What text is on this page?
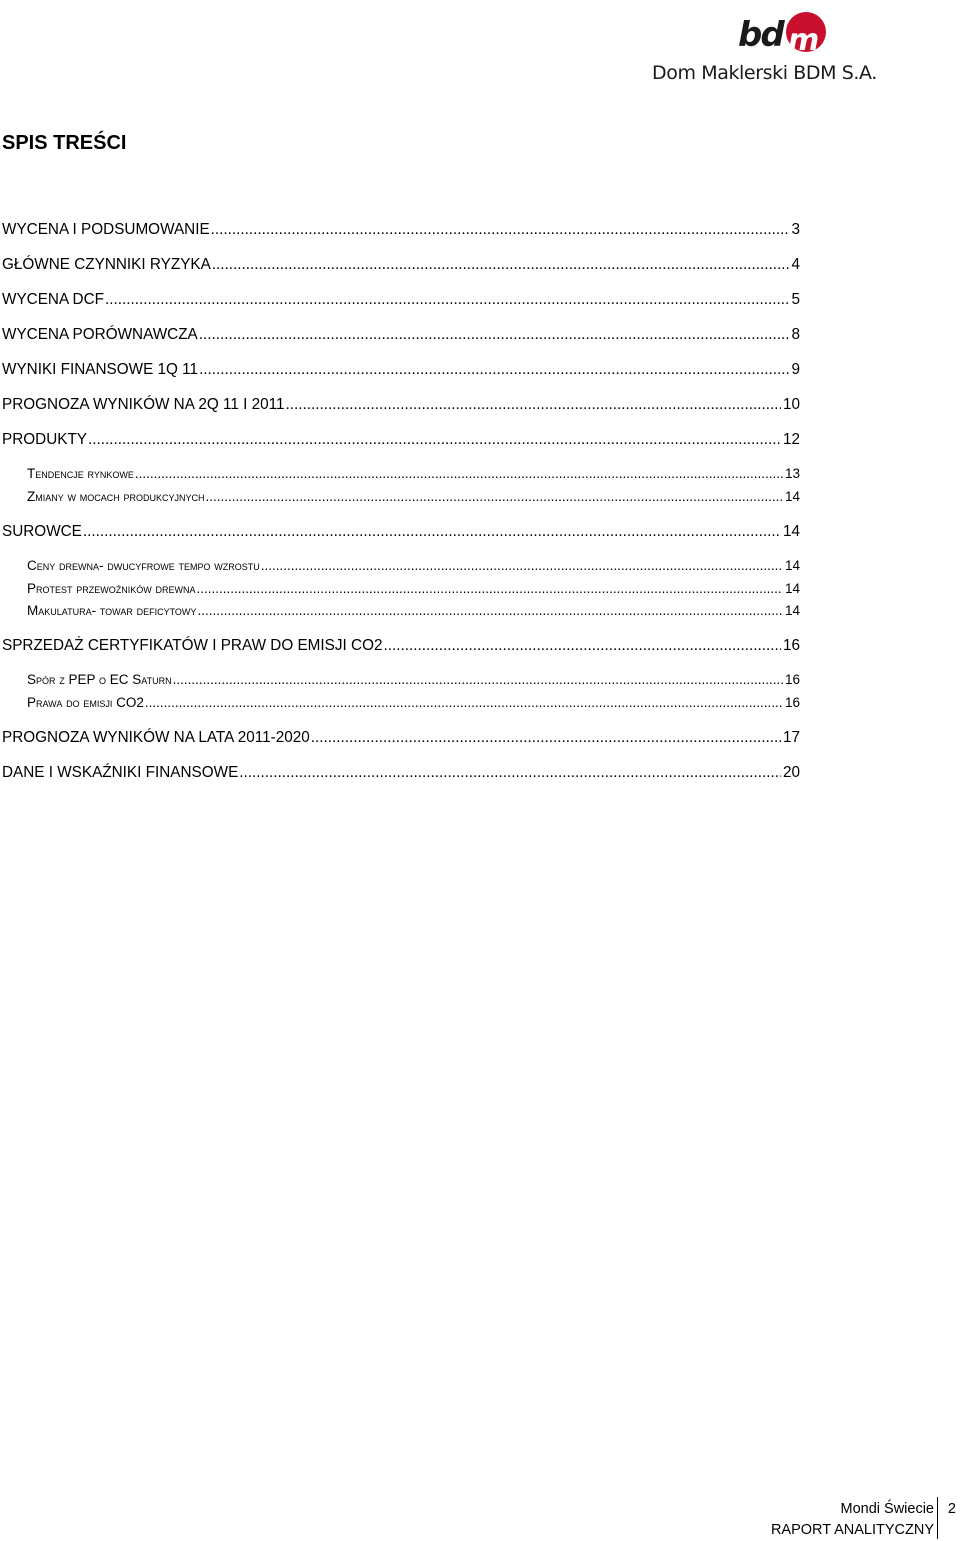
bd m
Dom Maklerski BDM S.A.
SPIS TREŚCI
WYCENA I PODSUMOWANIE .....	3
GŁÓWNE CZYNNIKI RYZYKA .....	4
WYCENA DCF .....	5
WYCENA PORÓWNAWCZA .....	8
WYNIKI FINANSOWE 1Q 11 .....	9
PROGNOZA WYNIKÓW NA 2Q 11 I 2011 .....	10
PRODUKTY .....	12
Tendencje rynkowe .....	13
Zmiany w mocach produkcyjnych .....	14
SUROWCE .....	14
Ceny drewna- dwucyfrowe tempo wzrostu .....	14
Protest przewoźników drewna .....	14
Makulatura- towar deficytowy .....	14
SPRZEDAŻ CERTYFIKATÓW I PRAW DO EMISJI CO2 .....	16
Spór z PEP o EC Saturn .....	16
Prawa do emisji CO2 .....	16
PROGNOZA WYNIKÓW NA LATA 2011-2020 .....	17
DANE I WSKAŹNIKI FINANSOWE .....	20
Mondi Świecie
RAPORT ANALITYCZNY
2
